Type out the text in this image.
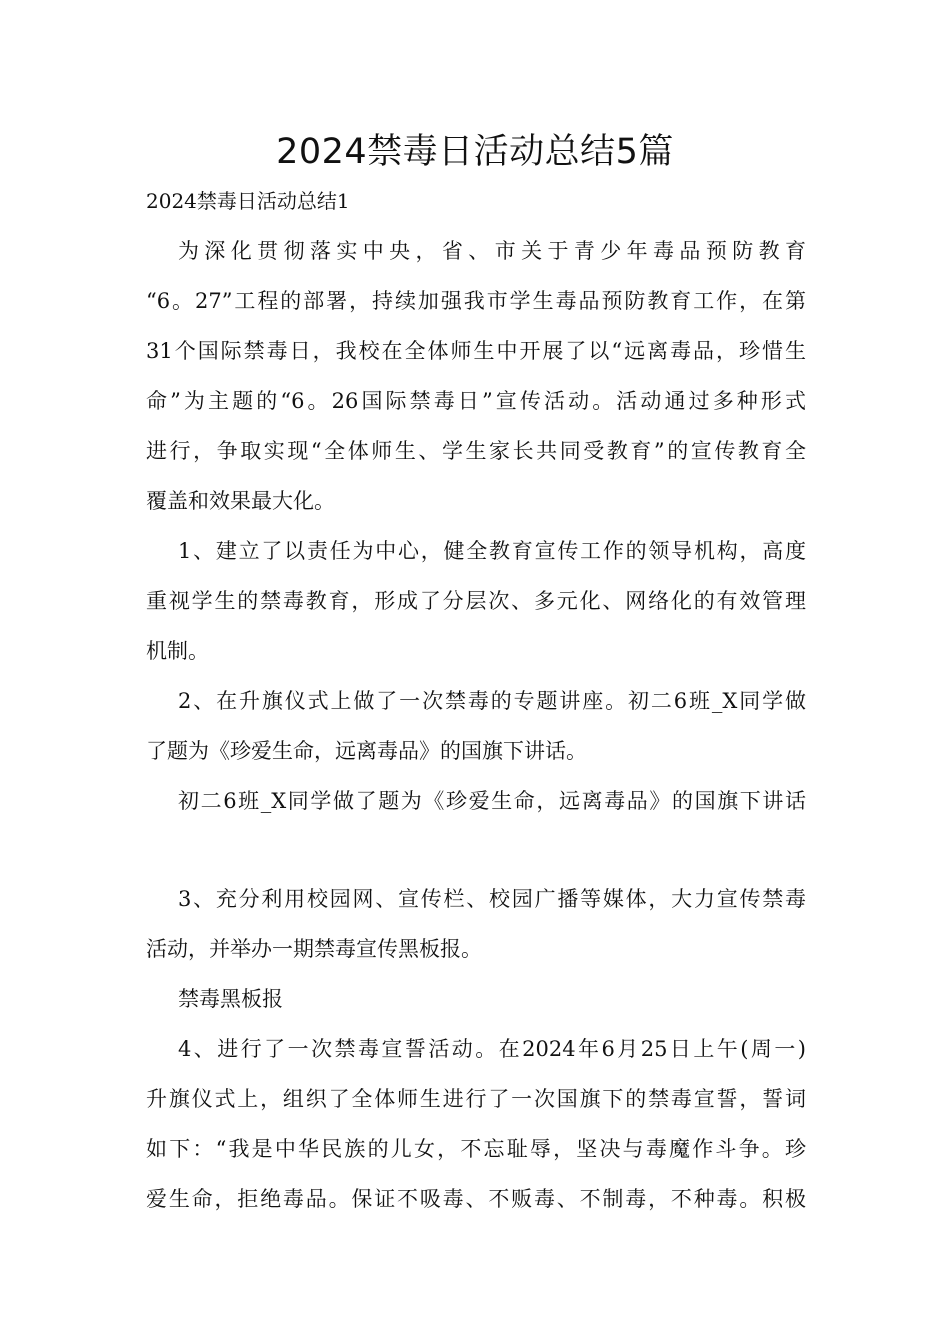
2024禁毒日活动总结5篇
2024禁毒日活动总结1
为深化贯彻落实中央，省、市关于青少年毒品预防教育
“6。27”工程的部署，持续加强我市学生毒品预防教育工作，在第
31个国际禁毒日，我校在全体师生中开展了以“远离毒品，珍惜生
命”为主题的“6。26国际禁毒日”宣传活动。活动通过多种形式
进行，争取实现“全体师生、学生家长共同受教育”的宣传教育全
覆盖和效果最大化。
1、建立了以责任为中心，健全教育宣传工作的领导机构，高度
重视学生的禁毒教育，形成了分层次、多元化、网络化的有效管理
机制。
2、在升旗仪式上做了一次禁毒的专题讲座。初二6班_X同学做
了题为《珍爱生命，远离毒品》的国旗下讲话。
初二6班_X同学做了题为《珍爱生命，远离毒品》的国旗下讲话
3、充分利用校园网、宣传栏、校园广播等媒体，大力宣传禁毒
活动，并举办一期禁毒宣传黑板报。
禁毒黑板报
4、进行了一次禁毒宣誓活动。在2024年6月25日上午(周一)
升旗仪式上，组织了全体师生进行了一次国旗下的禁毒宣誓，誓词
如下：“我是中华民族的儿女，不忘耻辱，坚决与毒魔作斗争。珍
爱生命，拒绝毒品。保证不吸毒、不贩毒、不制毒，不种毒。积极
